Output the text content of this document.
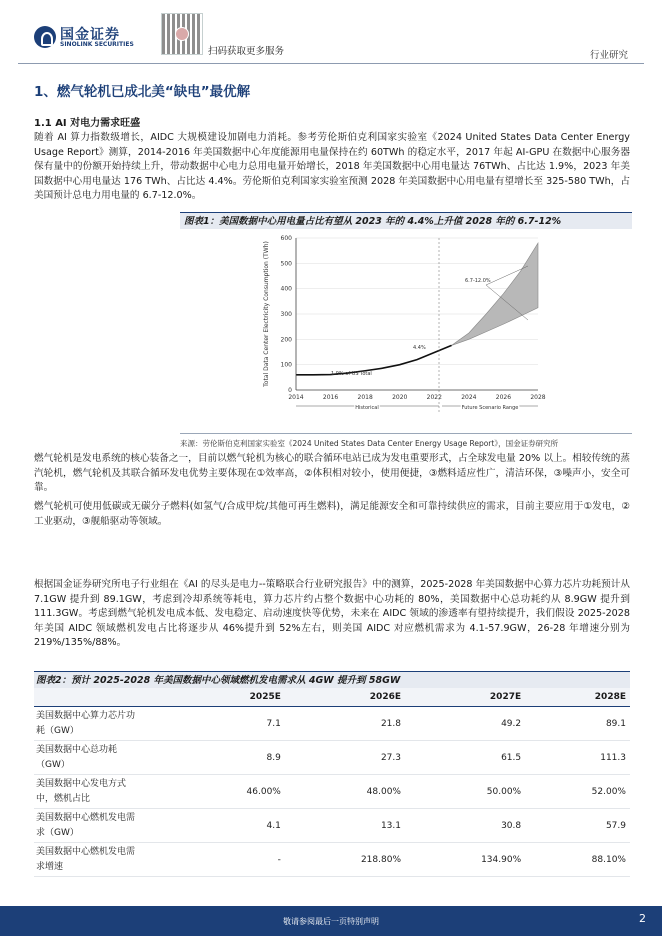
国金证券
SINOLINK SECURITIES
扫码获取更多服务	行业研究
1、燃气轮机已成北美“缺电”最优解
1.1 AI 对电力需求旺盛

随着 AI 算力指数级增长，AIDC 大规模建设加剧电力消耗。参考劳伦斯伯克利国家实验室《2024 United States Data Center Energy Usage Report》测算，2014-2016 年美国数据中心年度能源用电量保持在约 60TWh 的稳定水平，2017 年起 AI-GPU 在数据中心服务器保有量中的份额开始持续上升，带动数据中心电力总用电量开始增长，2018 年美国数据中心用电量达 76TWh、占比达 1.9%，2023 年美国数据中心用电量达 176 TWh、占比达 4.4%。劳伦斯伯克利国家实验室预测 2028 年美国数据中心用电量有望增长至 325-580 TWh，占美国预计总电力用电量的 6.7-12.0%。

图表1：美国数据中心用电量占比有望从 2023 年的 4.4%上升值 2028 年的 6.7-12%
0
100
200
300
400
500
600
2014	2016	2018	2020	2022	2024	2026	2028
Total Data Center Electricity Consumption (TWh)	1.9% of US Total
4.4%
6.7-12.0%
Historical	Future Scenario Range
来源：劳伦斯伯克利国家实验室《2024 United States Data Center Energy Usage Report》，国金证券研究所

燃气轮机是发电系统的核心装备之一，目前以燃气轮机为核心的联合循环电站已成为发电重要形式，占全球发电量 20% 以上。相较传统的蒸汽轮机，燃气轮机及其联合循环发电优势主要体现在①效率高，②体积相对较小，使用便捷，③燃料适应性广，清洁环保，③噪声小，安全可靠。

燃气轮机可使用低碳或无碳分子燃料(如氢气/合成甲烷/其他可再生燃料)，满足能源安全和可靠持续供应的需求，目前主要应用于①发电，②工业驱动，③舰船驱动等领域。

根据国金证券研究所电子行业组在《AI 的尽头是电力--策略联合行业研究报告》中的测算，2025-2028 年美国数据中心算力芯片功耗预计从 7.1GW 提升到 89.1GW，考虑到冷却系统等耗电，算力芯片约占整个数据中心功耗的 80%，美国数据中心总功耗约从 8.9GW 提升到 111.3GW。考虑到燃气轮机发电成本低、发电稳定、启动速度快等优势，未来在 AIDC 领域的渗透率有望持续提升，我们假设 2025-2028 年美国 AIDC 领域燃机发电占比将逐步从 46%提升到 52%左右，则美国 AIDC 对应燃机需求为 4.1-57.9GW，26-28 年增速分别为 219%/135%/88%。

图表2：预计 2025-2028 年美国数据中心领域燃机发电需求从 4GW 提升到 58GW
	2025E	2026E	2027E	2028E
美国数据中心算力芯片功
耗（GW）	7.1	21.8	49.2	89.1
美国数据中心总功耗
（GW）	8.9	27.3	61.5	111.3
美国数据中心发电方式
中，燃机占比	46.00%	48.00%	50.00%	52.00%
美国数据中心燃机发电需
求（GW）	4.1	13.1	30.8	57.9
美国数据中心燃机发电需
求增速	-	218.80%	134.90%	88.10%
敬请参阅最后一页特别声明	2
